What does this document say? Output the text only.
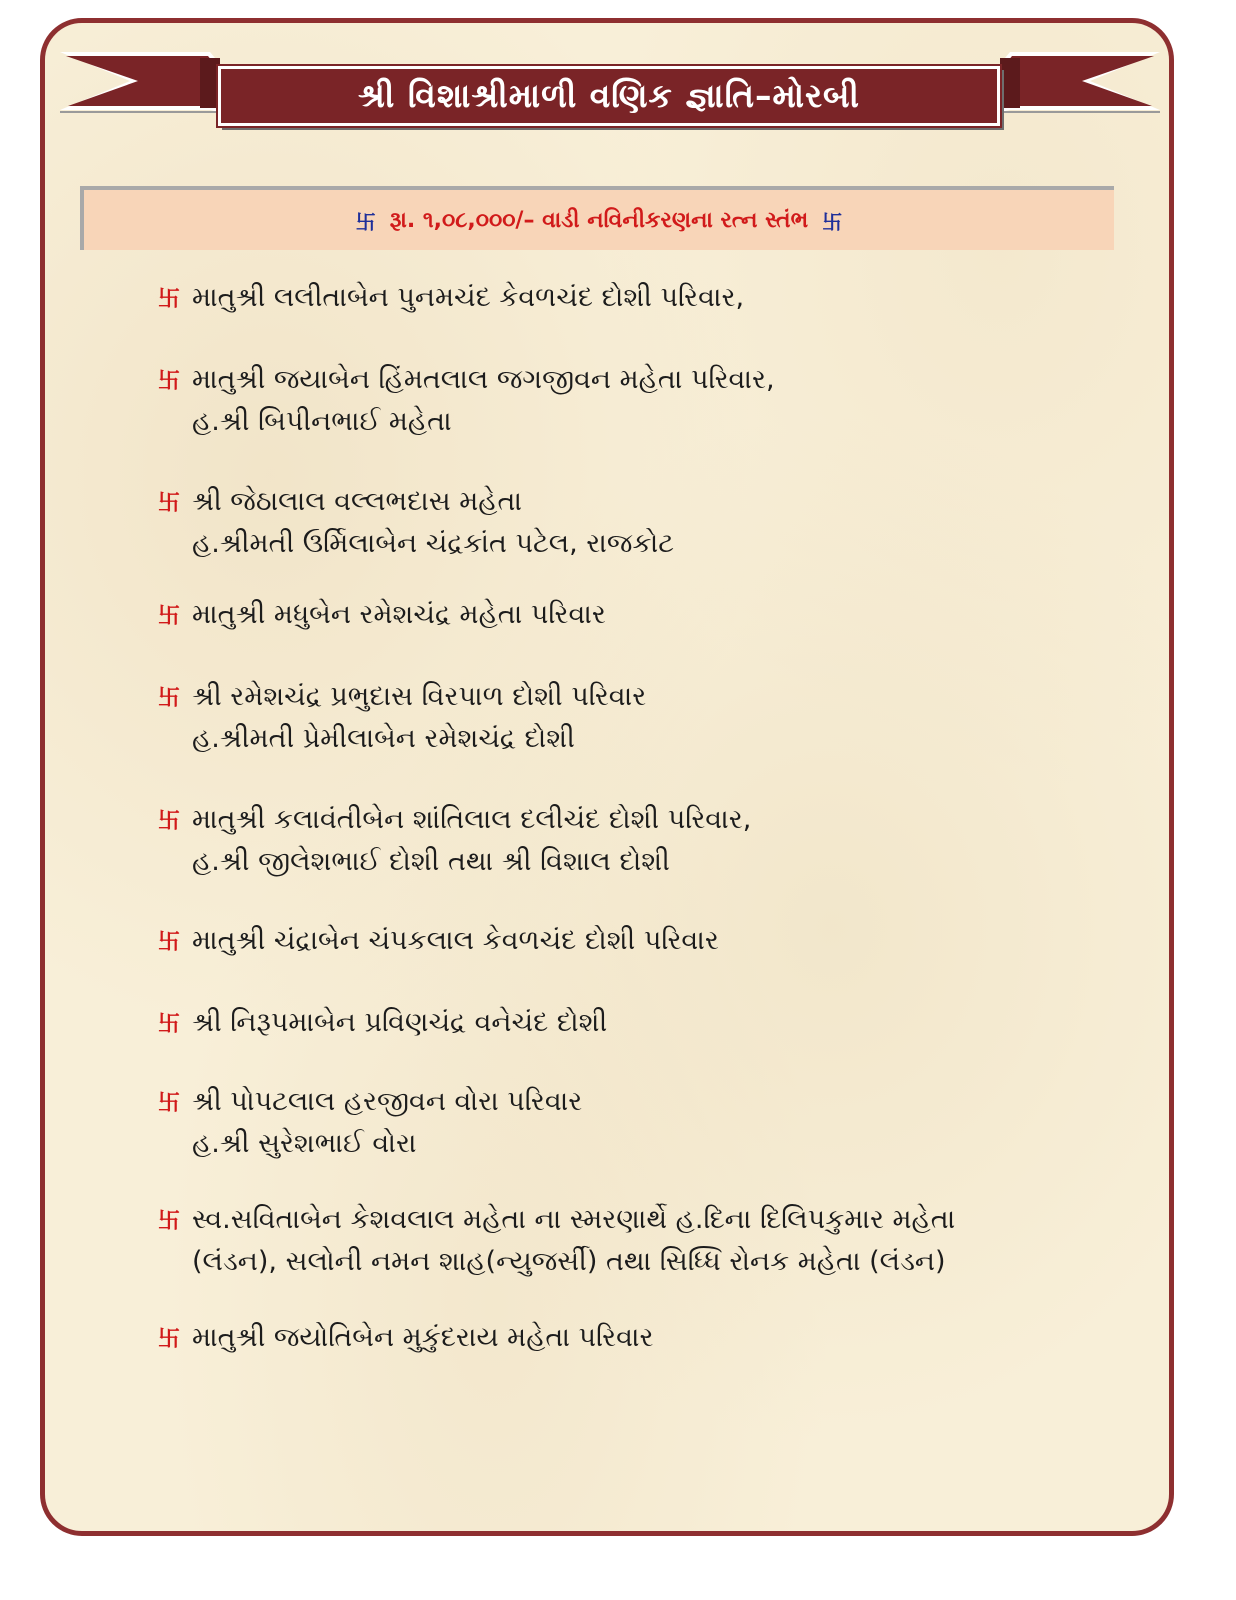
શ્રી વિશાશ્રીમાળી વણિક જ્ઞાતિ–મોરબી
卐 રૂા. ૧,૦૮,૦૦૦/– વાડી નવિનીકરણના રત્ન સ્તંભ 卐
卐 માતુશ્રી લલીતાબેન પુનમચંદ કેવળચંદ દોશી પરિવાર,
卐 માતુશ્રી જયાબેન હિંમતલાલ જગજીવન મહેતા પરિવાર,
હ.શ્રી બિપીનભાઈ મહેતા
卐 શ્રી જેઠાલાલ વલ્લભદાસ મહેતા
હ.શ્રીમતી ઉર્મિલાબેન ચંદ્રકાંત પટેલ, રાજકોટ
卐 માતુશ્રી મધુબેન રમેશચંદ્ર મહેતા પરિવાર
卐 શ્રી રમેશચંદ્ર પ્રભુદાસ વિરપાળ દોશી પરિવાર
હ.શ્રીમતી પ્રેમીલાબેન રમેશચંદ્ર દોશી
卐 માતુશ્રી કલાવંતીબેન શાંતિલાલ દલીચંદ દોશી પરિવાર,
હ.શ્રી જીલેશભાઈ દોશી તથા શ્રી વિશાલ દોશી
卐 માતુશ્રી ચંદ્રાબેન ચંપકલાલ કેવળચંદ દોશી પરિવાર
卐 શ્રી નિરૂપમાબેન પ્રવિણચંદ્ર વનેચંદ દોશી
卐 શ્રી પોપટલાલ હરજીવન વોરા પરિવાર
હ.શ્રી સુરેશભાઈ વોરા
卐 સ્વ.સવિતાબેન કેશવલાલ મહેતા ના સ્મરણાર્થે હ.દિના દિલિપકુમાર મહેતા
(લંડન), સલોની નમન શાહ(ન્યુજર્સી) તથા સિધ્ધિ રોનક મહેતા (લંડન)
卐 માતુશ્રી જયોતિબેન મુકુંદરાય મહેતા પરિવાર
